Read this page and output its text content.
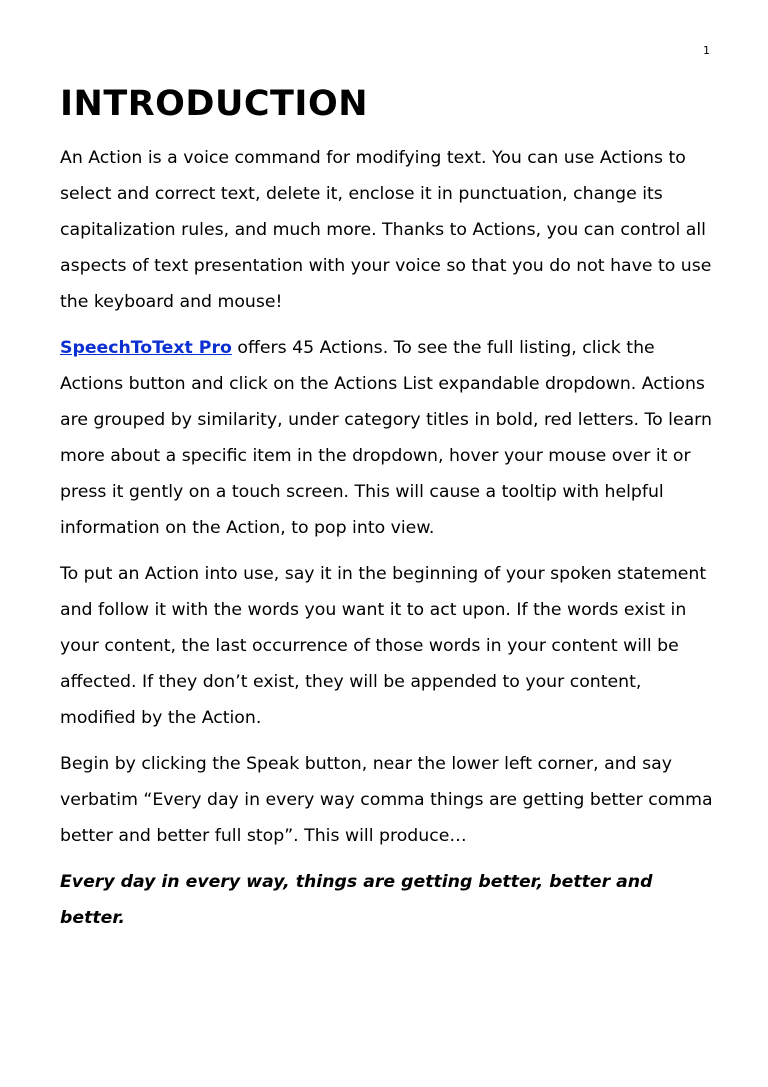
1
INTRODUCTION

An Action is a voice command for modifying text. You can use Actions to select and correct text, delete it, enclose it in punctuation, change its capitalization rules, and much more. Thanks to Actions, you can control all aspects of text presentation with your voice so that you do not have to use the keyboard and mouse!

SpeechToText Pro offers 45 Actions. To see the full listing, click the Actions button and click on the Actions List expandable dropdown. Actions are grouped by similarity, under category titles in bold, red letters. To learn more about a specific item in the dropdown, hover your mouse over it or press it gently on a touch screen. This will cause a tooltip with helpful information on the Action, to pop into view.

To put an Action into use, say it in the beginning of your spoken statement and follow it with the words you want it to act upon. If the words exist in your content, the last occurrence of those words in your content will be affected. If they don’t exist, they will be appended to your content, modified by the Action.

Begin by clicking the Speak button, near the lower left corner, and say verbatim “Every day in every way comma things are getting better comma better and better full stop”. This will produce…

Every day in every way, things are getting better, better and better.
